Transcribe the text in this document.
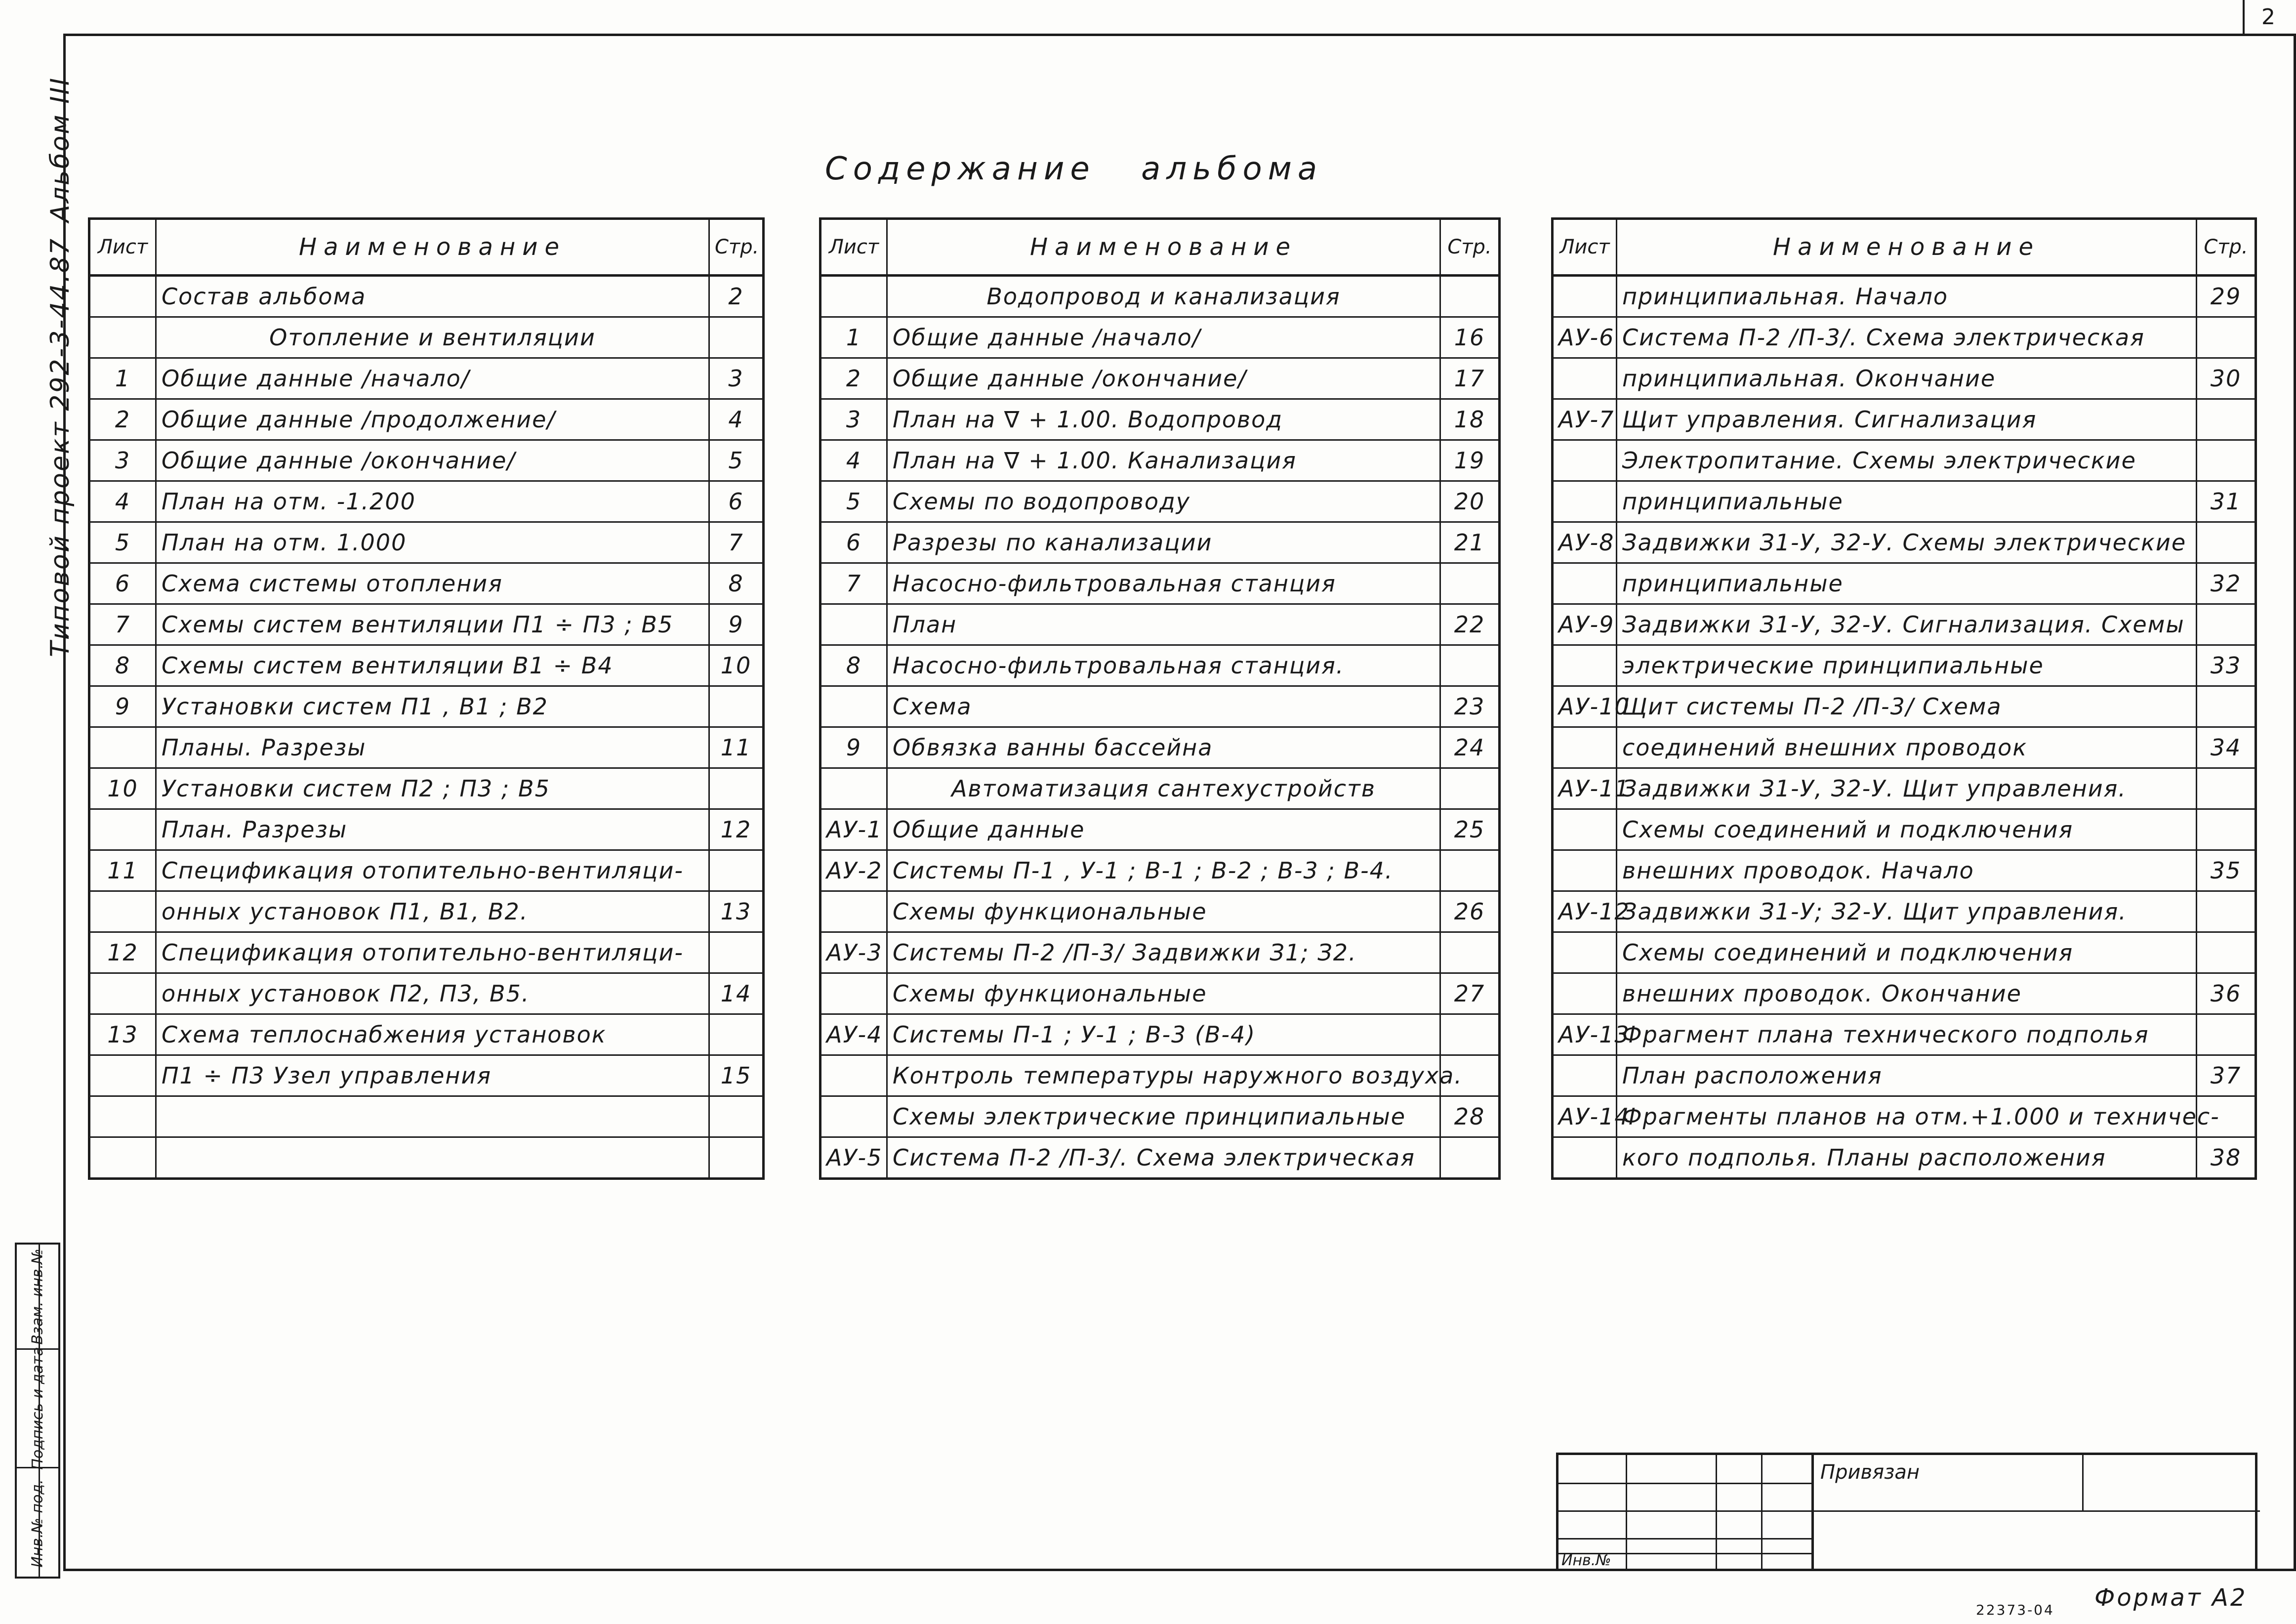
2
Альбом III
Типовой проект 292-3-44.87
Взам. инв.№
Подпись и дата
Инв.№ под.
Содержание альбома
Лист	Наименование	Стр.
	Состав альбома	2
	Отопление и вентиляции	
1	Общие данные /начало/	3
2	Общие данные /продолжение/	4
3	Общие данные /окончание/	5
4	План на отм. -1.200	6
5	План на отм. 1.000	7
6	Схема системы отопления	8
7	Схемы систем вентиляции П1 ÷ П3 ; В5	9
8	Схемы систем вентиляции В1 ÷ В4	10
9	Установки систем П1 , В1 ; В2	
	Планы. Разрезы	11
10	Установки систем П2 ; П3 ; В5	
	План. Разрезы	12
11	Спецификация отопительно-вентиляци-	
	онных установок П1, В1, В2.	13
12	Спецификация отопительно-вентиляци-	
	онных установок П2, П3, В5.	14
13	Схема теплоснабжения установок	
	П1 ÷ П3 Узел управления	15

Лист	Наименование	Стр.
	Водопровод и канализация	
1	Общие данные /начало/	16
2	Общие данные /окончание/	17
3	План на ∇ + 1.00. Водопровод	18
4	План на ∇ + 1.00. Канализация	19
5	Схемы по водопроводу	20
6	Разрезы по канализации	21
7	Насосно-фильтровальная станция	
	План	22
8	Насосно-фильтровальная станция.	
	Схема	23
9	Обвязка ванны бассейна	24
	Автоматизация сантехустройств	
АУ-1	Общие данные	25
АУ-2	Системы П-1 , У-1 ; В-1 ; В-2 ; В-3 ; В-4.	
	Схемы функциональные	26
АУ-3	Системы П-2 /П-3/ Задвижки З1; З2.	
	Схемы функциональные	27
АУ-4	Системы П-1 ; У-1 ; В-3 (В-4)	
	Контроль температуры наружного воздуха.	
	Схемы электрические принципиальные	28
АУ-5	Система П-2 /П-3/. Схема электрическая	
Лист	Наименование	Стр.
	принципиальная. Начало	29
АУ-6	Система П-2 /П-3/. Схема электрическая	
	принципиальная. Окончание	30
АУ-7	Щит управления. Сигнализация	
	Электропитание. Схемы электрические	
	принципиальные	31
АУ-8	Задвижки З1-У, З2-У. Схемы электрические	
	принципиальные	32
АУ-9	Задвижки З1-У, З2-У. Сигнализация. Схемы	
	электрические принципиальные	33
АУ-10	Щит системы П-2 /П-3/ Схема	
	соединений внешних проводок	34
АУ-11	Задвижки З1-У, З2-У. Щит управления.	
	Схемы соединений и подключения	
	внешних проводок. Начало	35
АУ-12	Задвижки З1-У; З2-У. Щит управления.	
	Схемы соединений и подключения	
	внешних проводок. Окончание	36
АУ-13	Фрагмент плана технического подполья	
	План расположения	37
АУ-14	Фрагменты планов на отм.+1.000 и техничес-	
	кого подполья. Планы расположения	38
Привязан
Инв.№
Формат А2
22373-04
